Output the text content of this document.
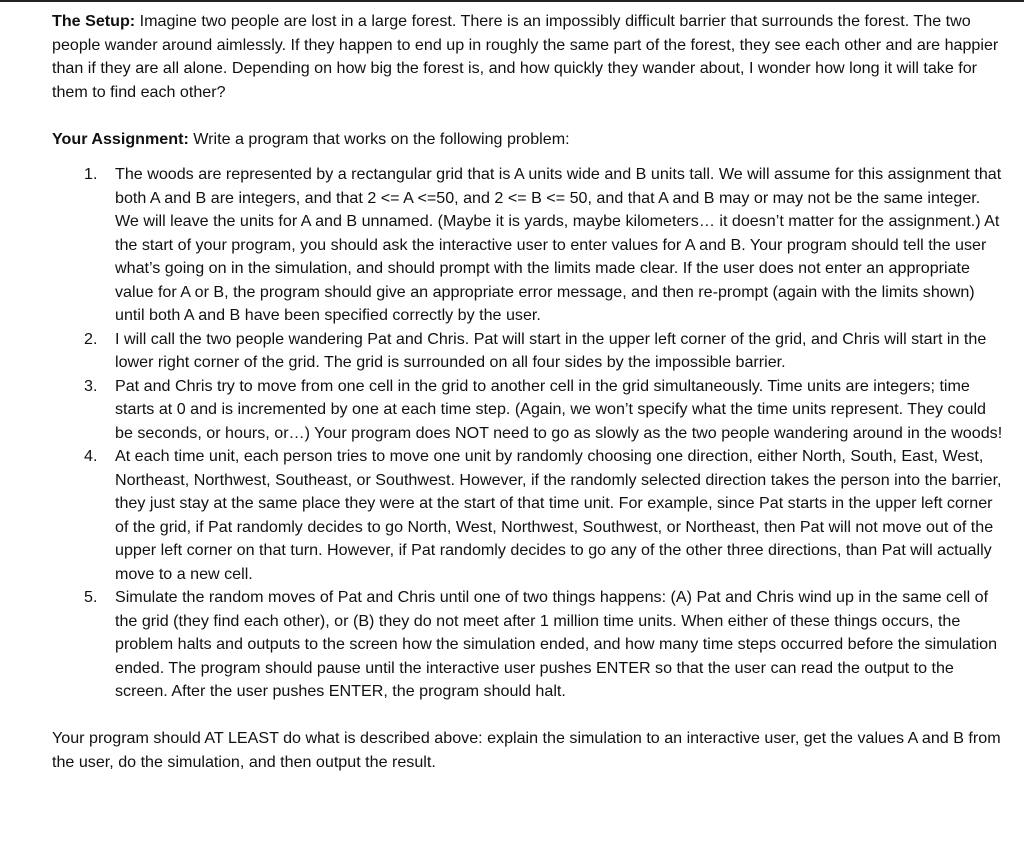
The Setup: Imagine two people are lost in a large forest. There is an impossibly difficult barrier that surrounds the forest. The two people wander around aimlessly. If they happen to end up in roughly the same part of the forest, they see each other and are happier than if they are all alone. Depending on how big the forest is, and how quickly they wander about, I wonder how long it will take for them to find each other?

Your Assignment: Write a program that works on the following problem:

1. The woods are represented by a rectangular grid that is A units wide and B units tall. We will assume for this assignment that both A and B are integers, and that 2 <= A <=50, and 2 <= B <= 50, and that A and B may or may not be the same integer. We will leave the units for A and B unnamed. (Maybe it is yards, maybe kilometers… it doesn’t matter for the assignment.) At the start of your program, you should ask the interactive user to enter values for A and B. Your program should tell the user what’s going on in the simulation, and should prompt with the limits made clear. If the user does not enter an appropriate value for A or B, the program should give an appropriate error message, and then re-prompt (again with the limits shown) until both A and B have been specified correctly by the user.
2. I will call the two people wandering Pat and Chris. Pat will start in the upper left corner of the grid, and Chris will start in the lower right corner of the grid. The grid is surrounded on all four sides by the impossible barrier.
3. Pat and Chris try to move from one cell in the grid to another cell in the grid simultaneously. Time units are integers; time starts at 0 and is incremented by one at each time step. (Again, we won’t specify what the time units represent. They could be seconds, or hours, or…) Your program does NOT need to go as slowly as the two people wandering around in the woods!
4. At each time unit, each person tries to move one unit by randomly choosing one direction, either North, South, East, West, Northeast, Northwest, Southeast, or Southwest. However, if the randomly selected direction takes the person into the barrier, they just stay at the same place they were at the start of that time unit. For example, since Pat starts in the upper left corner of the grid, if Pat randomly decides to go North, West, Northwest, Southwest, or Northeast, then Pat will not move out of the upper left corner on that turn. However, if Pat randomly decides to go any of the other three directions, than Pat will actually move to a new cell.
5. Simulate the random moves of Pat and Chris until one of two things happens: (A) Pat and Chris wind up in the same cell of the grid (they find each other), or (B) they do not meet after 1 million time units. When either of these things occurs, the problem halts and outputs to the screen how the simulation ended, and how many time steps occurred before the simulation ended. The program should pause until the interactive user pushes ENTER so that the user can read the output to the screen. After the user pushes ENTER, the program should halt.

Your program should AT LEAST do what is described above: explain the simulation to an interactive user, get the values A and B from the user, do the simulation, and then output the result.
